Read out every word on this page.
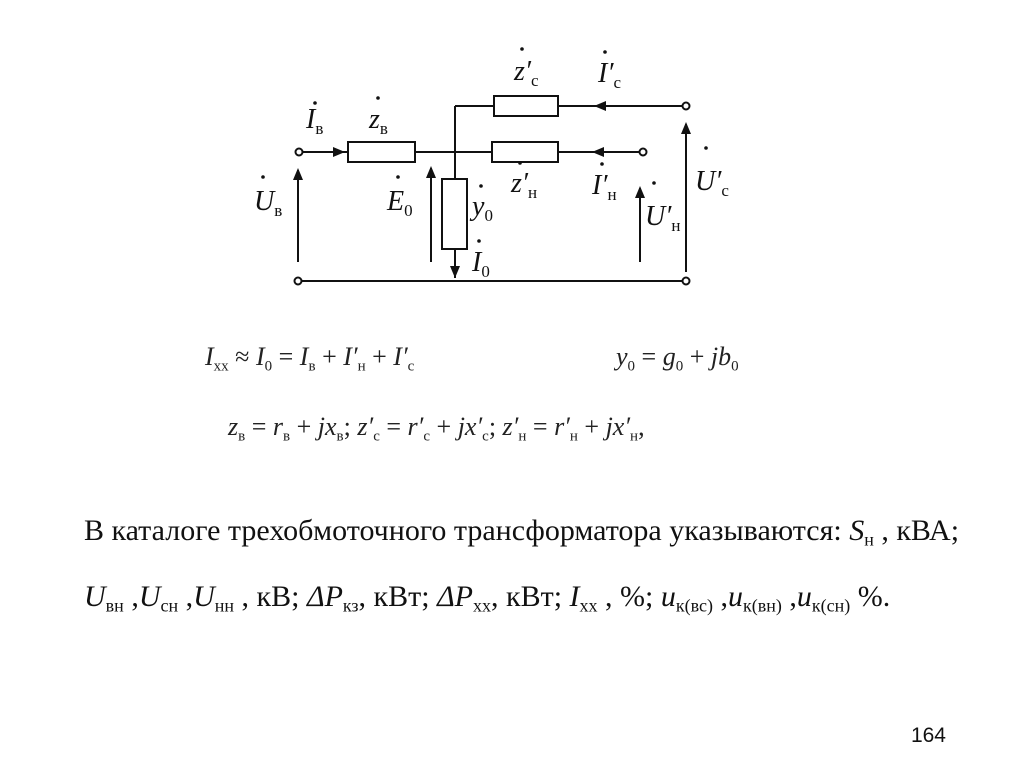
$I_в$ $z_в$
$z'_с$ $I'_с$
$z'_н$ $I'_н$
$U_в$	$E_0$ $y_0$
$I_0$
$U'_н$
$U'_с$
$I_{хх} \approx I_0 = I_в + I'_н + I'_с$	$y_0 = g_0 + jb_0$
$z_в = r_в + jx_в$; $z'_с = r'_с + jx'_с$; $z'_н = r'_н + jx'_н$,
В каталоге трехобмоточного трансформатора указываются: $S_н$ , кВА;
$U_{вн}$ $,U_{сн}$ $,U_{нн}$ , кВ; $\Delta P_{кз}$, кВт; $\Delta P_{хх}$, кВт; $I_{хх}$ , %; $u_{к(вс)}$ $,u_{к(вн)}$ $,u_{к(сн)}$ %.
164
